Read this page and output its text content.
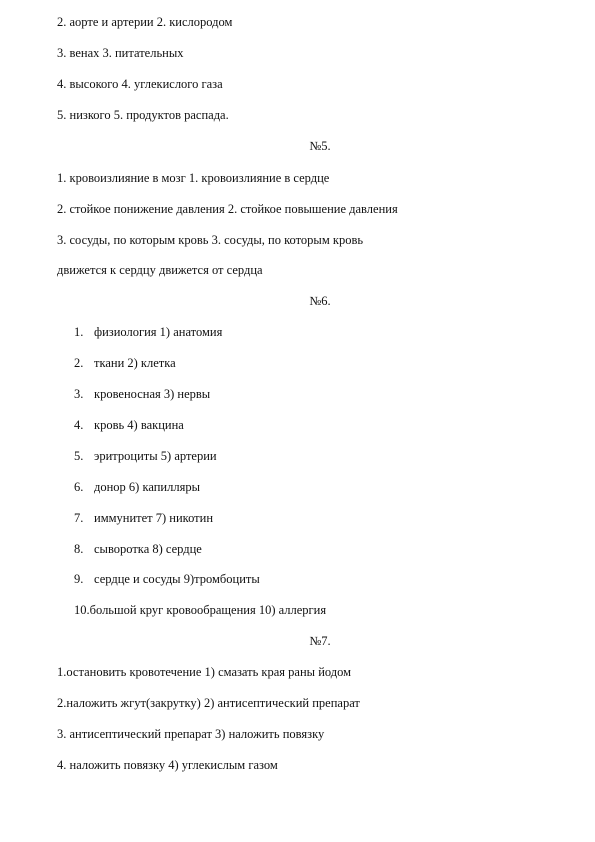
2. аорте и артерии 2. кислородом
3. венах 3. питательных
4. высокого 4. углекислого газа
5. низкого 5. продуктов распада.
№5.
1. кровоизлияние в мозг 1. кровоизлияние в сердце
2. стойкое понижение давления 2. стойкое повышение давления
3. сосуды, по которым кровь 3. сосуды, по которым кровь
движется к сердцу движется от сердца
№6.
1. физиология 1) анатомия
2. ткани 2) клетка
3. кровеносная 3) нервы
4. кровь 4) вакцина
5. эритроциты 5) артерии
6. донор 6) капилляры
7. иммунитет 7) никотин
8. сыворотка 8) сердце
9. сердце и сосуды 9)тромбоциты
10.большой круг кровообращения 10) аллергия
№7.
1.остановить кровотечение 1) смазать края раны йодом
2.наложить жгут(закрутку) 2) антисептический препарат
3. антисептический препарат 3) наложить повязку
4. наложить повязку 4) углекислым газом
